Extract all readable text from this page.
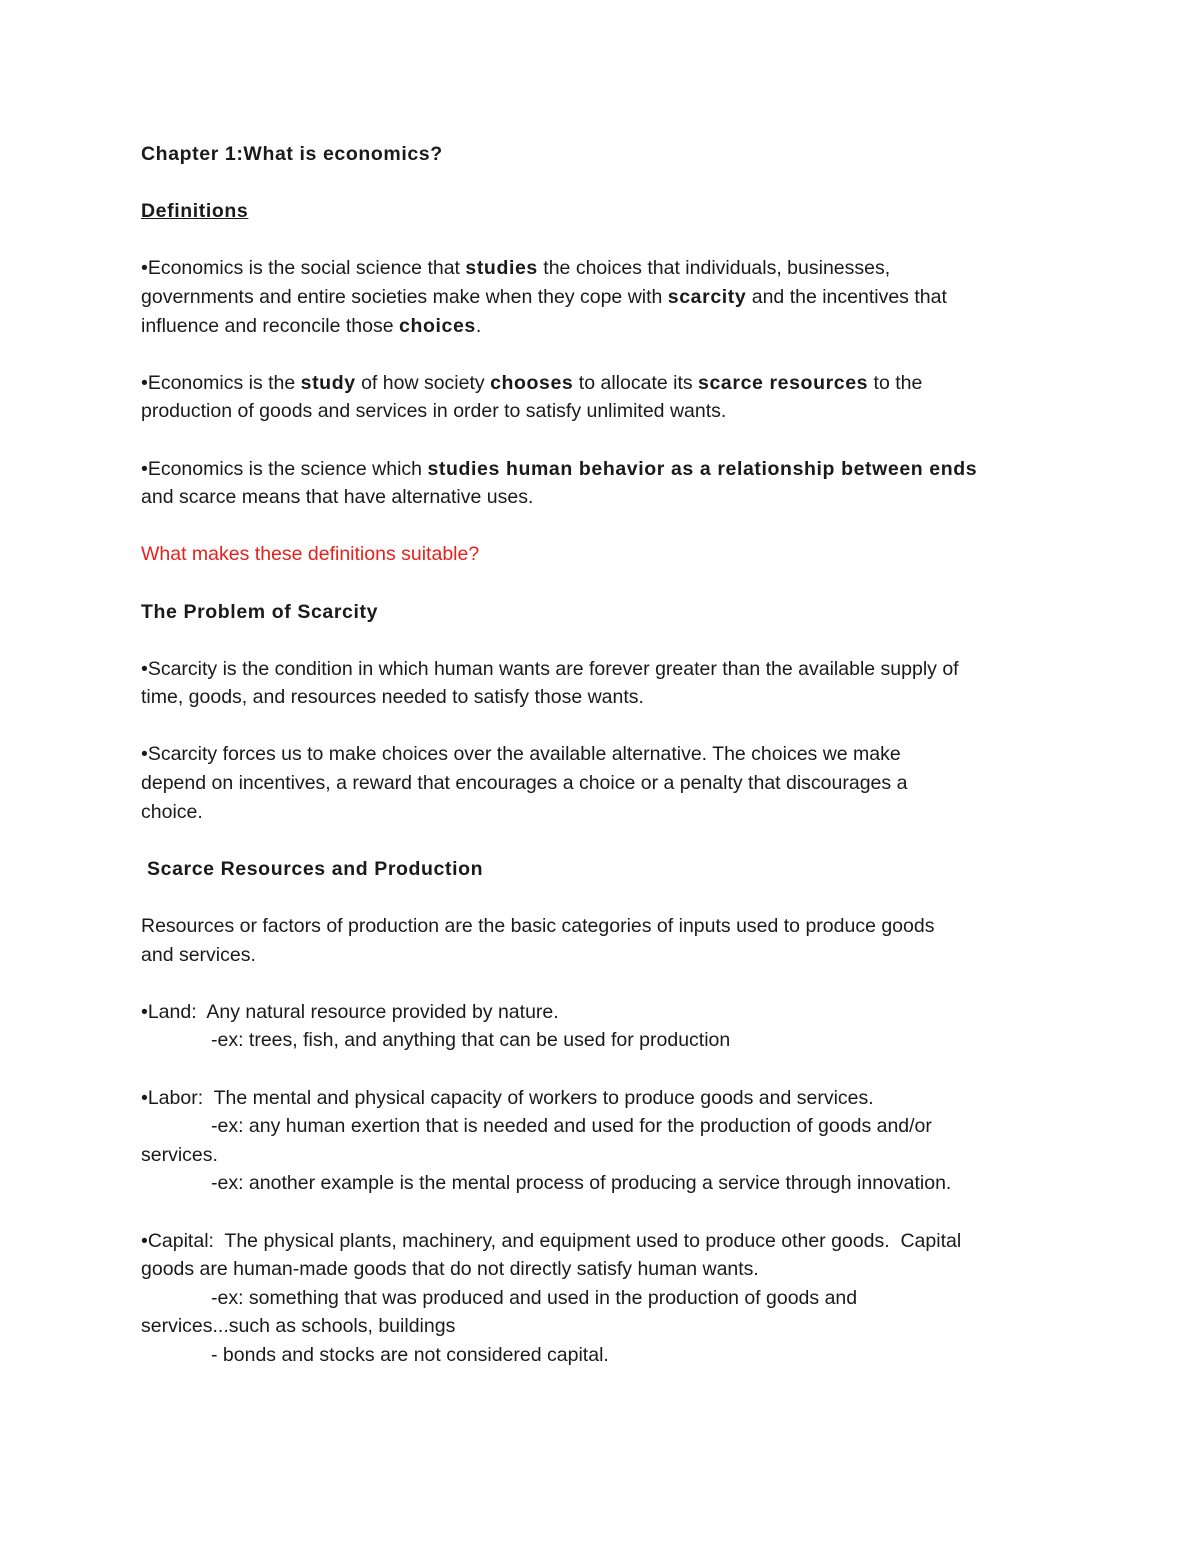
Chapter 1:What is economics?
Definitions
•Economics is the social science that studies the choices that individuals, businesses,
governments and entire societies make when they cope with scarcity and the incentives that
influence and reconcile those choices.
•Economics is the study of how society chooses to allocate its scarce resources to the
production of goods and services in order to satisfy unlimited wants.
•Economics is the science which studies human behavior as a relationship between ends
and scarce means that have alternative uses.
What makes these definitions suitable?
The Problem of Scarcity
•Scarcity is the condition in which human wants are forever greater than the available supply of
time, goods, and resources needed to satisfy those wants.
•Scarcity forces us to make choices over the available alternative. The choices we make
depend on incentives, a reward that encourages a choice or a penalty that discourages a
choice.
Scarce Resources and Production
Resources or factors of production are the basic categories of inputs used to produce goods
and services.
•Land:  Any natural resource provided by nature.
-ex: trees, fish, and anything that can be used for production
•Labor:  The mental and physical capacity of workers to produce goods and services.
-ex: any human exertion that is needed and used for the production of goods and/or
services.
-ex: another example is the mental process of producing a service through innovation.
•Capital:  The physical plants, machinery, and equipment used to produce other goods.  Capital
goods are human-made goods that do not directly satisfy human wants.
-ex: something that was produced and used in the production of goods and
services...such as schools, buildings
- bonds and stocks are not considered capital.
